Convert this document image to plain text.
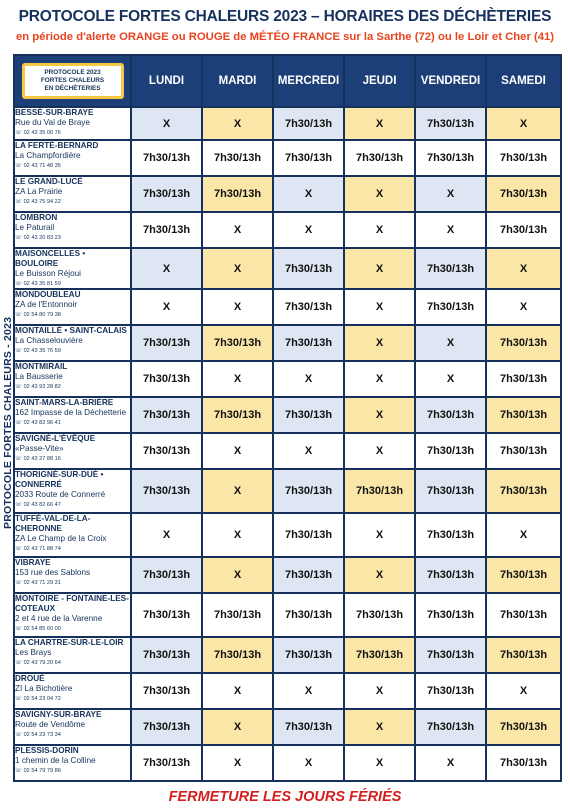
PROTOCOLE FORTES CHALEURS 2023 – HORAIRES DES DÉCHÈTERIES
en période d'alerte ORANGE ou ROUGE de MÉTÉO FRANCE sur la Sarthe (72) ou le Loir et Cher (41)
PROTOCOLE FORTES CHALEURS - 2023
PROTOCOLE 2023
FORTES CHALEURS
EN DÉCHÈTERIES	LUNDI	MARDI	MERCREDI	JEUDI	VENDREDI	SAMEDI

BESSÉ-SUR-BRAYE
Rue du Val de Braye
☏ 02 43 35 00 76	X	X	7h30/13h	X	7h30/13h	X

LA FERTÉ-BERNARD
La Champfordière
☏ 02 43 71 48 35	7h30/13h	7h30/13h	7h30/13h	7h30/13h	7h30/13h	7h30/13h

LE GRAND-LUCÉ
ZA La Prairie
☏ 02 43 75 94 22	7h30/13h	7h30/13h	X	X	X	7h30/13h

LOMBRON
Le Paturail
☏ 02 43 20 83 23	7h30/13h	X	X	X	X	7h30/13h

MAISONCELLES • BOULOIRE
Le Buisson Réjoui
☏ 02 43 35 81 59	X	X	7h30/13h	X	7h30/13h	X

MONDOUBLEAU
ZA de l'Entonnoir
☏ 02 54 80 79 38	X	X	7h30/13h	X	7h30/13h	X

MONTAILLÉ • SAINT-CALAIS
La Chasselouvière
☏ 02 43 35 76 59	7h30/13h	7h30/13h	7h30/13h	X	X	7h30/13h

MONTMIRAIL
La Bausserie
☏ 02 43 93 28 82	7h30/13h	X	X	X	X	7h30/13h

SAINT-MARS-LA-BRIÈRE
162 Impasse de la Déchetterie
☏ 02 43 82 96 41	7h30/13h	7h30/13h	7h30/13h	X	7h30/13h	7h30/13h

SAVIGNÉ-L'ÉVÊQUE
«Passe-Vite»
☏ 02 43 27 88 16	7h30/13h	X	X	X	7h30/13h	7h30/13h

THORIGNÉ-SUR-DUÉ • CONNERRÉ
2033 Route de Connerré
☏ 02 43 82 66 47	7h30/13h	X	7h30/13h	7h30/13h	7h30/13h	7h30/13h

TUFFÉ-VAL-DE-LA-CHERONNE
ZA Le Champ de la Croix
☏ 02 43 71 88 74	X	X	7h30/13h	X	7h30/13h	X

VIBRAYE
153 rue des Sablons
☏ 02 43 71 29 31	7h30/13h	X	7h30/13h	X	7h30/13h	7h30/13h

MONTOIRE - FONTAINE-LES-COTEAUX
2 et 4 rue de la Varenne
☏ 02 54 85 60 00	7h30/13h	7h30/13h	7h30/13h	7h30/13h	7h30/13h	7h30/13h

LA CHARTRE-SUR-LE-LOIR
Les Brays
☏ 02 43 79 20 64	7h30/13h	7h30/13h	7h30/13h	7h30/13h	7h30/13h	7h30/13h

DROUÉ
ZI La Bichotière
☏ 02 54 23 04 72	7h30/13h	X	X	X	7h30/13h	X

SAVIGNY-SUR-BRAYE
Route de Vendôme
☏ 02 54 23 73 34	7h30/13h	X	7h30/13h	X	7h30/13h	7h30/13h

PLESSIS-DORIN
1 chemin de la Colline
☏ 02 54 79 79 86	7h30/13h	X	X	X	X	7h30/13h
FERMETURE LES JOURS FÉRIÉS
